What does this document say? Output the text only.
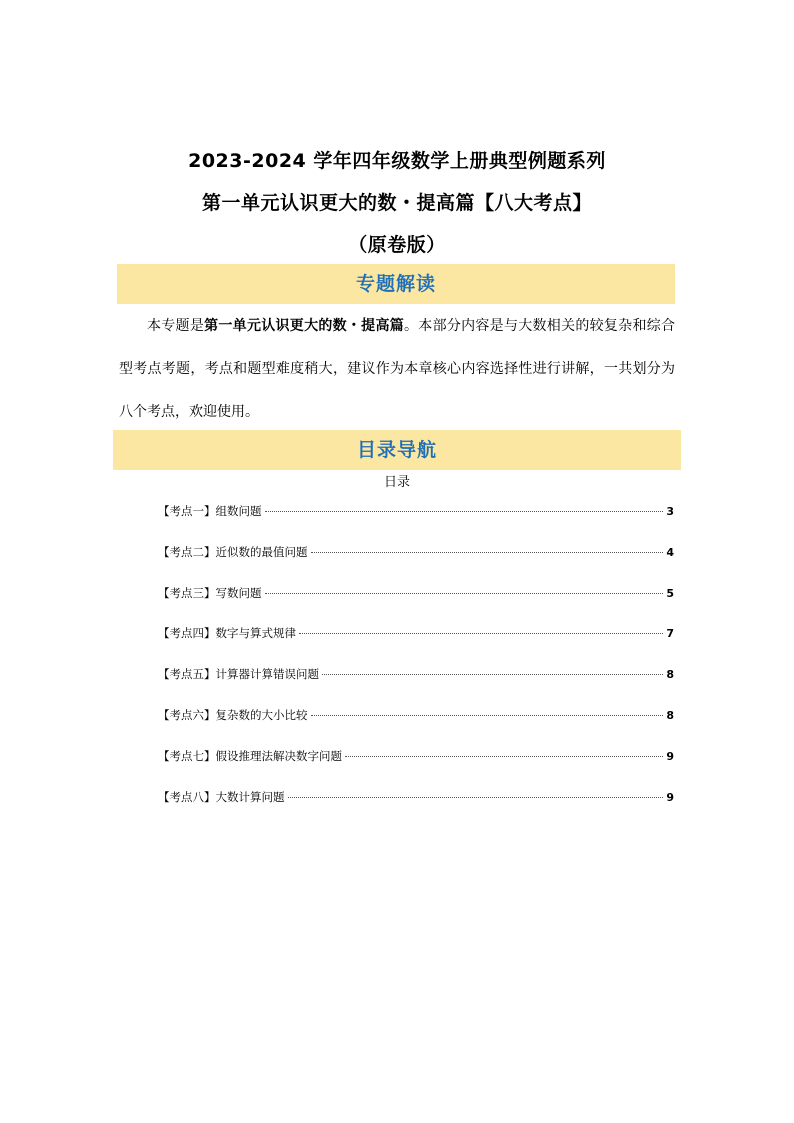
2023-2024 学年四年级数学上册典型例题系列
第一单元认识更大的数・提高篇【八大考点】
（原卷版）
专题解读
本专题是第一单元认识更大的数・提高篇。本部分内容是与大数相关的较复杂和综合型考点考题，考点和题型难度稍大，建议作为本章核心内容选择性进行讲解，一共划分为八个考点，欢迎使用。
目录导航
日录
【考点一】组数问题	3
【考点二】近似数的最值问题	4
【考点三】写数问题	5
【考点四】数字与算式规律	7
【考点五】计算器计算错误问题	8
【考点六】复杂数的大小比较	8
【考点七】假设推理法解决数字问题	9
【考点八】大数计算问题	9
